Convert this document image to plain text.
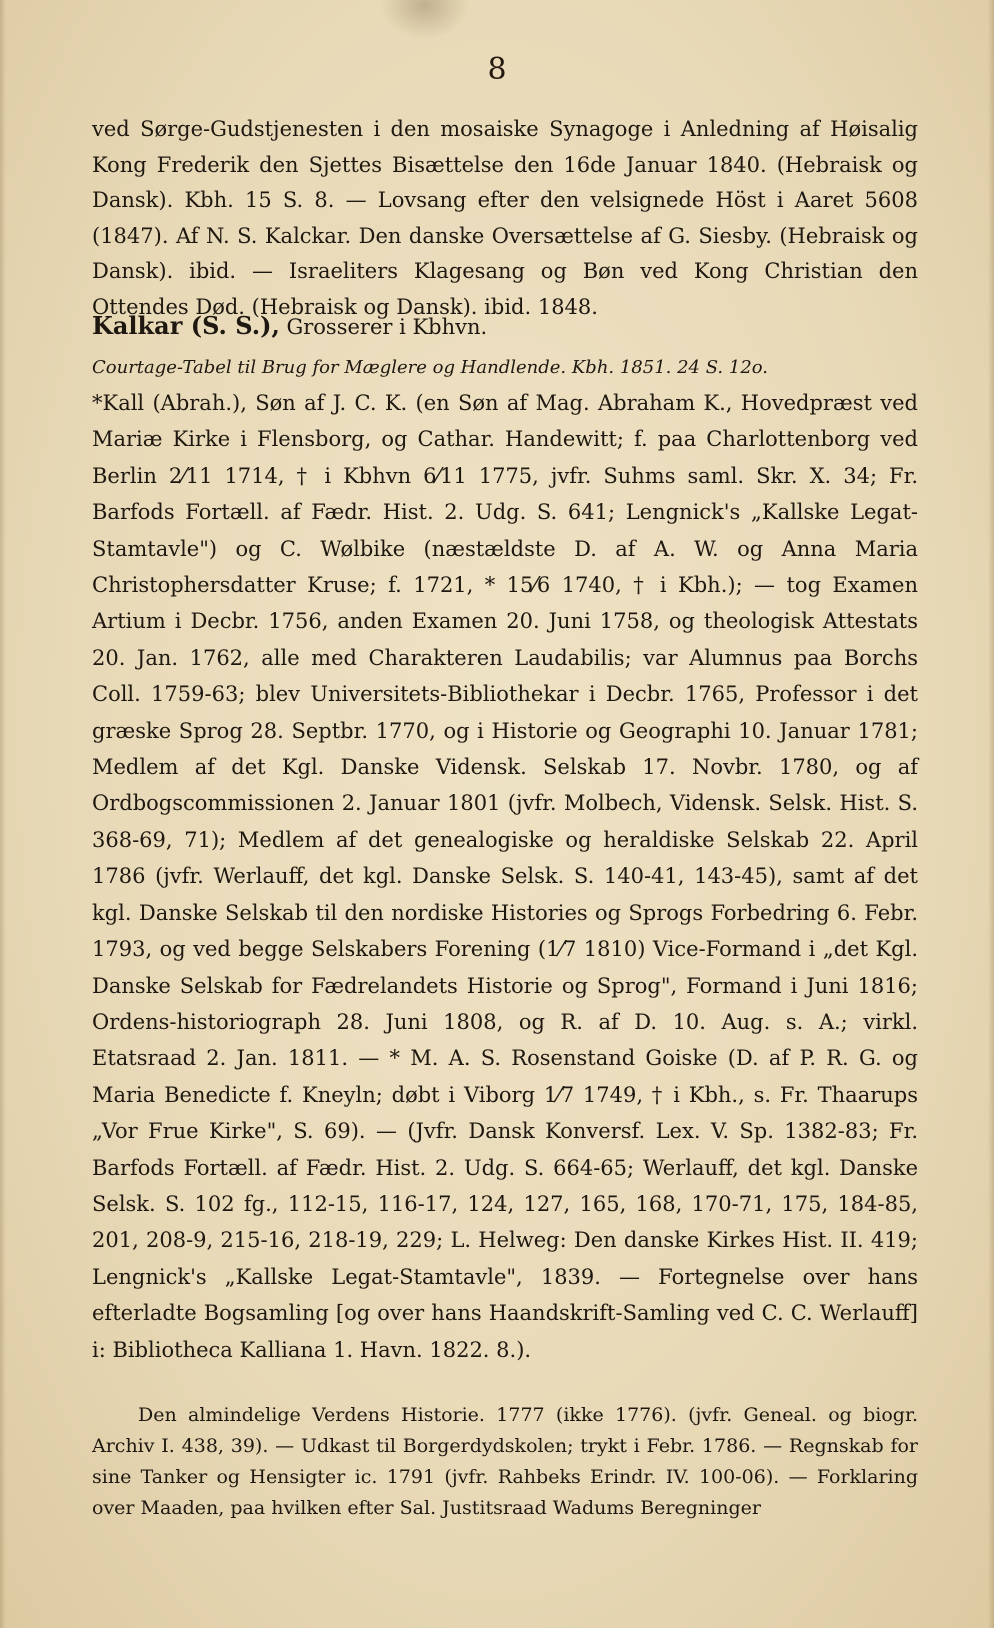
8

ved Sørge-Gudstjenesten i den mosaiske Synagoge i Anledning af Høisalig Kong Frederik den Sjettes Bisættelse den 16de Januar 1840. (Hebraisk og Dansk). Kbh. 15 S. 8. — Lovsang efter den velsignede Höst i Aaret 5608 (1847). Af N. S. Kalckar. Den danske Oversættelse af G. Siesby. (Hebraisk og Dansk). ibid. — Israeliters Klagesang og Bøn ved Kong Christian den Ottendes Død. (Hebraisk og Dansk). ibid. 1848.

Kalkar (S. S.), Grosserer i Kbhvn.

Courtage-Tabel til Brug for Mæglere og Handlende. Kbh. 1851. 24 S. 12o.

*Kall (Abrah.), Søn af J. C. K. (en Søn af Mag. Abraham K., Hovedpræst ved Mariæ Kirke i Flensborg, og Cathar. Handewitt; f. paa Charlottenborg ved Berlin 2⁄11 1714, † i Kbhvn 6⁄11 1775, jvfr. Suhms saml. Skr. X. 34; Fr. Barfods Fortæll. af Fædr. Hist. 2. Udg. S. 641; Lengnick's „Kallske Legat-Stamtavle") og C. Wølbike (næstældste D. af A. W. og Anna Maria Christophersdatter Kruse; f. 1721, * 15⁄6 1740, † i Kbh.); — tog Examen Artium i Decbr. 1756, anden Examen 20. Juni 1758, og theologisk Attestats 20. Jan. 1762, alle med Charakteren Laudabilis; var Alumnus paa Borchs Coll. 1759-63; blev Universitets-Bibliothekar i Decbr. 1765, Professor i det græske Sprog 28. Septbr. 1770, og i Historie og Geographi 10. Januar 1781; Medlem af det Kgl. Danske Vidensk. Selskab 17. Novbr. 1780, og af Ordbogscommissionen 2. Januar 1801 (jvfr. Molbech, Vidensk. Selsk. Hist. S. 368-69, 71); Medlem af det genealogiske og heraldiske Selskab 22. April 1786 (jvfr. Werlauff, det kgl. Danske Selsk. S. 140-41, 143-45), samt af det kgl. Danske Selskab til den nordiske Histories og Sprogs Forbedring 6. Febr. 1793, og ved begge Selskabers Forening (1⁄7 1810) Vice-Formand i „det Kgl. Danske Selskab for Fædrelandets Historie og Sprog", Formand i Juni 1816; Ordens-historiograph 28. Juni 1808, og R. af D. 10. Aug. s. A.; virkl. Etatsraad 2. Jan. 1811. — * M. A. S. Rosenstand Goiske (D. af P. R. G. og Maria Benedicte f. Kneyln; døbt i Viborg 1⁄7 1749, † i Kbh., s. Fr. Thaarups „Vor Frue Kirke", S. 69). — (Jvfr. Dansk Konversf. Lex. V. Sp. 1382-83; Fr. Barfods Fortæll. af Fædr. Hist. 2. Udg. S. 664-65; Werlauff, det kgl. Danske Selsk. S. 102 fg., 112-15, 116-17, 124, 127, 165, 168, 170-71, 175, 184-85, 201, 208-9, 215-16, 218-19, 229; L. Helweg: Den danske Kirkes Hist. II. 419; Lengnick's „Kallske Legat-Stamtavle", 1839. — Fortegnelse over hans efterladte Bogsamling [og over hans Haandskrift-Samling ved C. C. Werlauff] i: Bibliotheca Kalliana 1. Havn. 1822. 8.).

Den almindelige Verdens Historie. 1777 (ikke 1776). (jvfr. Geneal. og biogr. Archiv I. 438, 39). — Udkast til Borgerdydskolen; trykt i Febr. 1786. — Regnskab for sine Tanker og Hensigter ic. 1791 (jvfr. Rahbeks Erindr. IV. 100-06). — Forklaring over Maaden, paa hvilken efter Sal. Justitsraad Wadums Beregninger
